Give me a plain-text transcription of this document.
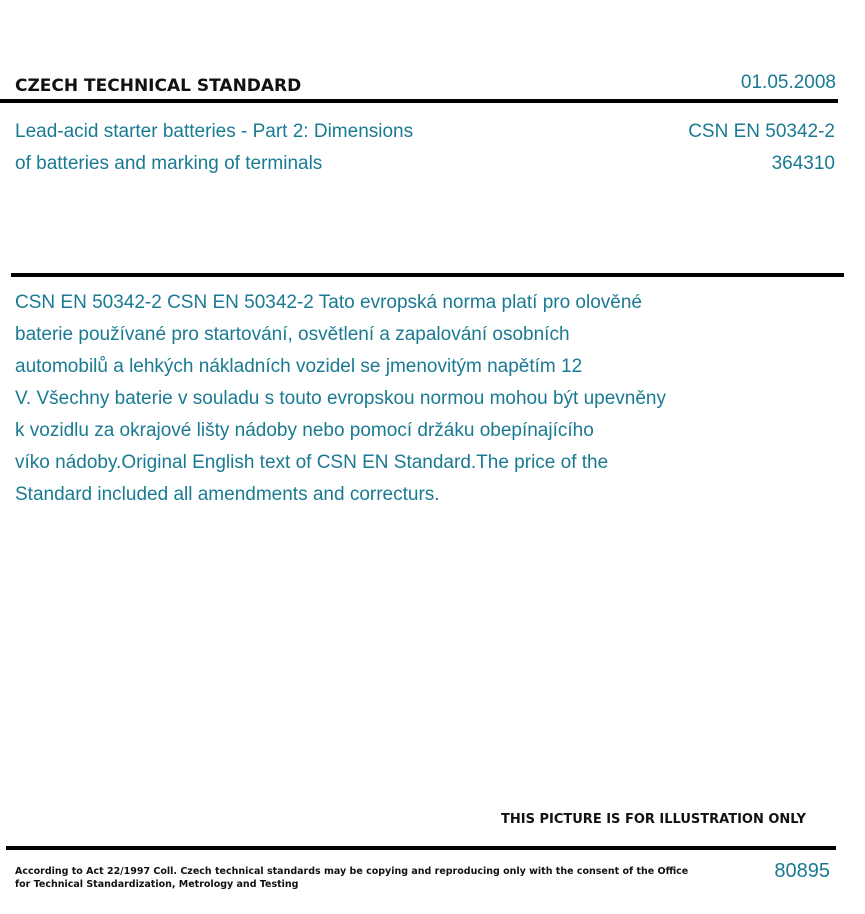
CZECH TECHNICAL STANDARD	01.05.2008
Lead-acid starter batteries - Part 2: Dimensions
of batteries and marking of terminals
CSN EN 50342-2
364310
CSN EN 50342-2 CSN EN 50342-2 Tato evropská norma platí pro olověné
baterie používané pro startování, osvětlení a zapalování osobních
automobilů a lehkých nákladních vozidel se jmenovitým napětím 12
V. Všechny baterie v souladu s touto evropskou normou mohou být upevněny
k vozidlu za okrajové lišty nádoby nebo pomocí držáku obepínajícího
víko nádoby.Original English text of CSN EN Standard.The price of the
Standard included all amendments and correcturs.
THIS PICTURE IS FOR ILLUSTRATION ONLY
According to Act 22/1997 Coll. Czech technical standards may be copying and reproducing only with the consent of the Office
for Technical Standardization, Metrology and Testing
80895
